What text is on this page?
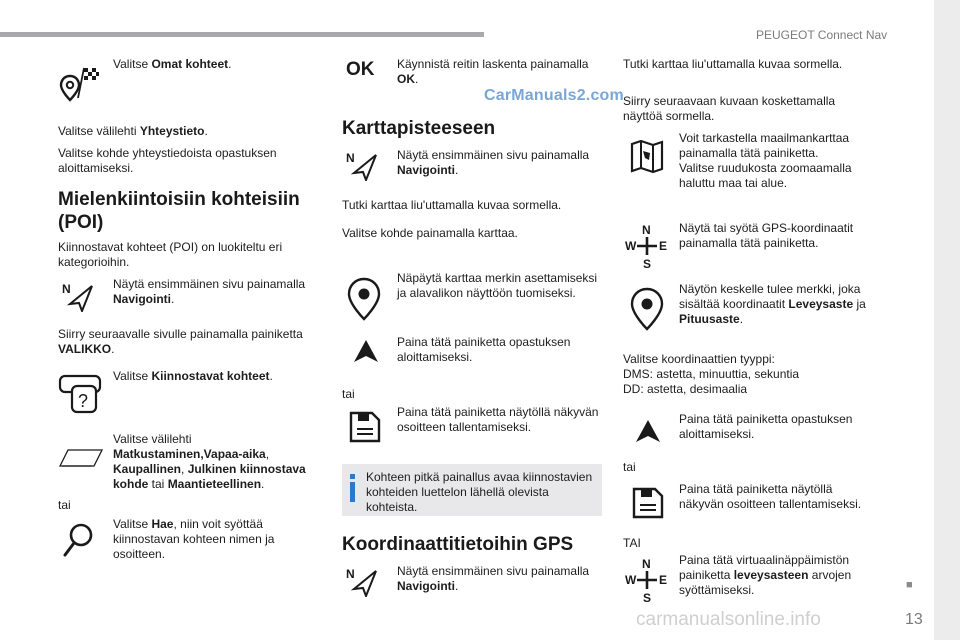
PEUGEOT Connect Nav
■
13
CarManuals2.com
carmanualsonline.info
Valitse Omat kohteet.
Valitse välilehti Yhteystieto.
Valitse kohde yhteystiedoista opastuksen aloittamiseksi.
Mielenkiintoisiin kohteisiin (POI)
Kiinnostavat kohteet (POI) on luokiteltu eri kategorioihin.
N	Näytä ensimmäinen sivu painamalla Navigointi.
Siirry seuraavalle sivulle painamalla painiketta VALIKKO.
?
Valitse Kiinnostavat kohteet.
Valitse välilehti Matkustaminen,Vapaa-aika, Kaupallinen, Julkinen kiinnostava kohde tai Maantieteellinen.
tai
Valitse Hae, niin voit syöttää kiinnostavan kohteen nimen ja osoitteen.
OK Käynnistä reitin laskenta painamalla OK.
Karttapisteeseen
N	Näytä ensimmäinen sivu painamalla Navigointi.
Tutki karttaa liu'uttamalla kuvaa sormella.
Valitse kohde painamalla karttaa.
Näpäytä karttaa merkin asettamiseksi ja alavalikon näyttöön tuomiseksi.
Paina tätä painiketta opastuksen aloittamiseksi.
tai
Paina tätä painiketta näytöllä näkyvän osoitteen tallentamiseksi.
Kohteen pitkä painallus avaa kiinnostavien kohteiden luettelon lähellä olevista kohteista.
Koordinaattitietoihin GPS
N	Näytä ensimmäinen sivu painamalla Navigointi.
Tutki karttaa liu'uttamalla kuvaa sormella.
Siirry seuraavaan kuvaan koskettamalla näyttöä sormella.
Voit tarkastella maailmankarttaa painamalla tätä painiketta.
Valitse ruudukosta zoomaamalla haluttu maa tai alue.
N
W E
S
Näytä tai syötä GPS-koordinaatit painamalla tätä painiketta.
Näytön keskelle tulee merkki, joka sisältää koordinaatit Leveysaste ja Pituusaste.
Valitse koordinaattien tyyppi:
DMS: astetta, minuuttia, sekuntia
DD: astetta, desimaalia
Paina tätä painiketta opastuksen aloittamiseksi.
tai
Paina tätä painiketta näytöllä näkyvän osoitteen tallentamiseksi.
TAI
N
W E
S
Paina tätä virtuaalinäppäimistön painiketta leveysasteen arvojen syöttämiseksi.
